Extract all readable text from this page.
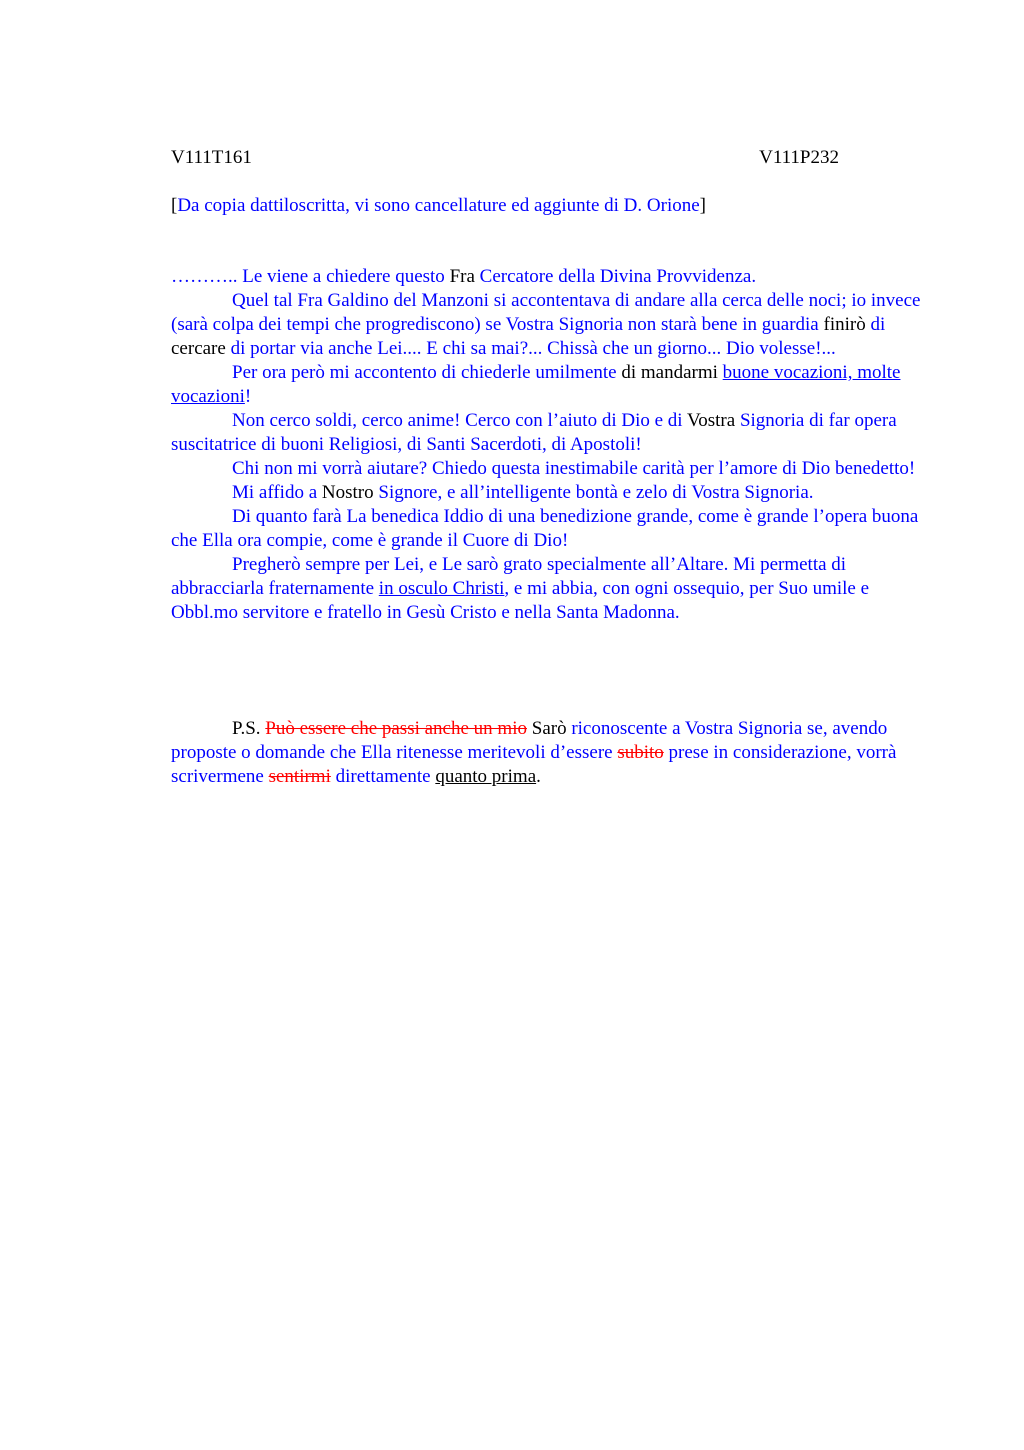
V111T161	V111P232
[Da copia dattiloscritta, vi sono cancellature ed aggiunte di D. Orione]

……….. Le viene a chiedere questo Fra Cercatore della Divina Provvidenza.

Quel tal Fra Galdino del Manzoni si accontentava di andare alla cerca delle noci; io invece (sarà colpa dei tempi che progrediscono) se Vostra Signoria non starà bene in guardia finirò di cercare di portar via anche Lei.... E chi sa mai?... Chissà che un giorno... Dio volesse!...

Per ora però mi accontento di chiederle umilmente di mandarmi buone vocazioni, molte vocazioni!

Non cerco soldi, cerco anime! Cerco con l’aiuto di Dio e di Vostra Signoria di far opera suscitatrice di buoni Religiosi, di Santi Sacerdoti, di Apostoli!

Chi non mi vorrà aiutare? Chiedo questa inestimabile carità per l’amore di Dio benedetto!

Mi affido a Nostro Signore, e all’intelligente bontà e zelo di Vostra Signoria.

Di quanto farà La benedica Iddio di una benedizione grande, come è grande l’opera buona che Ella ora compie, come è grande il Cuore di Dio!

Pregherò sempre per Lei, e Le sarò grato specialmente all’Altare. Mi permetta di abbracciarla fraternamente in osculo Christi, e mi abbia, con ogni ossequio, per Suo umile e Obbl.mo servitore e fratello in Gesù Cristo e nella Santa Madonna.

P.S. Può essere che passi anche un mio Sarò riconoscente a Vostra Signoria se, avendo proposte o domande che Ella ritenesse meritevoli d’essere subito prese in considerazione, vorrà scrivermene sentirmi direttamente quanto prima.
